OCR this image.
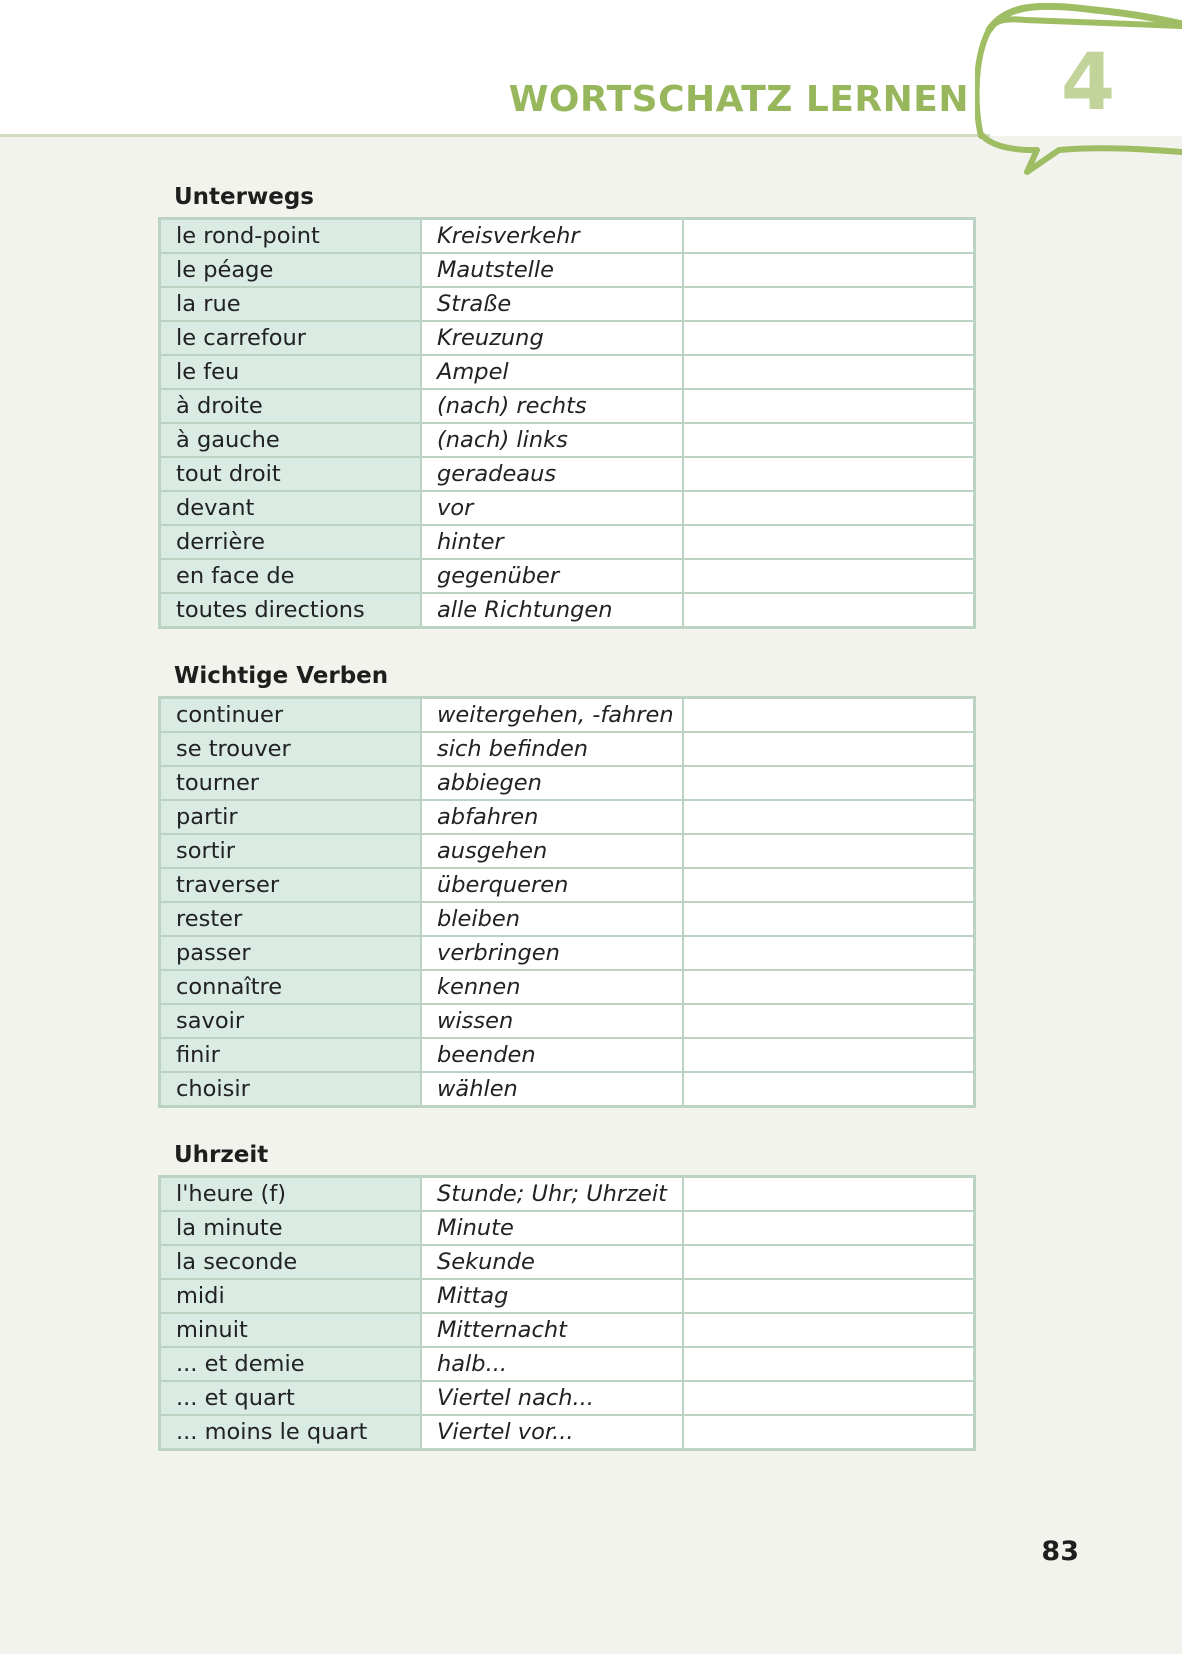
WORTSCHATZ LERNEN 4
Unterwegs
le rond-point	Kreisverkehr	
le péage	Mautstelle	
la rue	Straße	
le carrefour	Kreuzung	
le feu	Ampel	
à droite	(nach) rechts	
à gauche	(nach) links	
tout droit	geradeaus	
devant	vor	
derrière	hinter	
en face de	gegenüber	
toutes directions	alle Richtungen	
Wichtige Verben
continuer	weitergehen, -fahren	
se trouver	sich befinden	
tourner	abbiegen	
partir	abfahren	
sortir	ausgehen	
traverser	überqueren	
rester	bleiben	
passer	verbringen	
connaître	kennen	
savoir	wissen	
finir	beenden	
choisir	wählen	
Uhrzeit
l'heure (f)	Stunde; Uhr; Uhrzeit	
la minute	Minute	
la seconde	Sekunde	
midi	Mittag	
minuit	Mitternacht	
... et demie	halb...	
... et quart	Viertel nach...	
... moins le quart	Viertel vor...	
83
